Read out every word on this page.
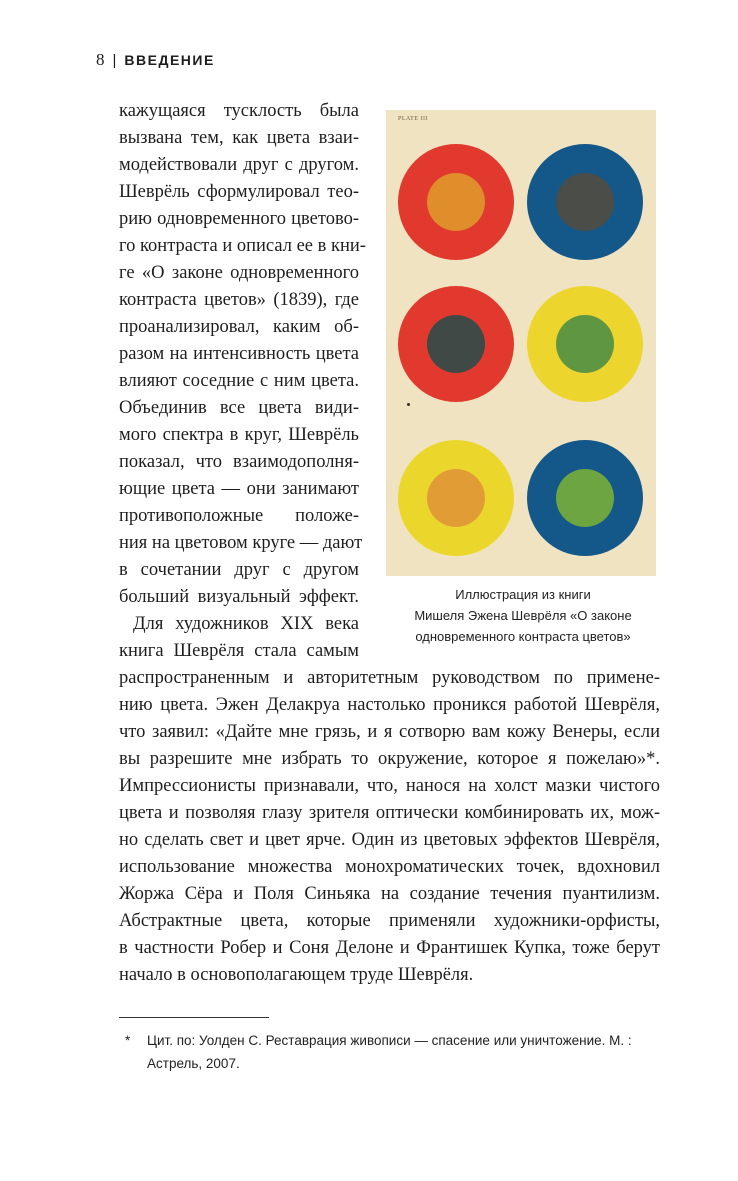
8 | ВВЕДЕНИЕ
кажущаяся тусклость была
вызвана тем, как цвета взаи-
модействовали друг с другом.
Шеврёль сформулировал тео-
рию одновременного цветово-
го контраста и описал ее в кни-
ге «О законе одновременного
контраста цветов» (1839), где
проанализировал, каким об-
разом на интенсивность цвета
влияют соседние с ним цвета.
Объединив все цвета види-
мого спектра в круг, Шеврёль
показал, что взаимодополня-
ющие цвета — они занимают
противоположные положе-
ния на цветовом круге — дают
в сочетании друг с другом
больший визуальный эффект.
Для художников XIX века
книга Шеврёля стала самым
распространенным и авторитетным руководством по примене-
нию цвета. Эжен Делакруа настолько проникся работой Шеврёля,
что заявил: «Дайте мне грязь, и я сотворю вам кожу Венеры, если
вы разрешите мне избрать то окружение, которое я пожелаю»*.
Импрессионисты признавали, что, нанося на холст мазки чистого
цвета и позволяя глазу зрителя оптически комбинировать их, мож-
но сделать свет и цвет ярче. Один из цветовых эффектов Шеврёля,
использование множества монохроматических точек, вдохновил
Жоржа Сёра и Поля Синьяка на создание течения пуантилизм.
Абстрактные цвета, которые применяли художники-орфисты,
в частности Робер и Соня Делоне и Франтишек Купка, тоже берут
начало в основополагающем труде Шеврёля.
PLATE III
Иллюстрация из книги
Мишеля Эжена Шеврёля «О законе
одновременного контраста цветов»
*	Цит. по: Уолден С. Реставрация живописи — спасение или уничтожение. М. :
Астрель, 2007.
